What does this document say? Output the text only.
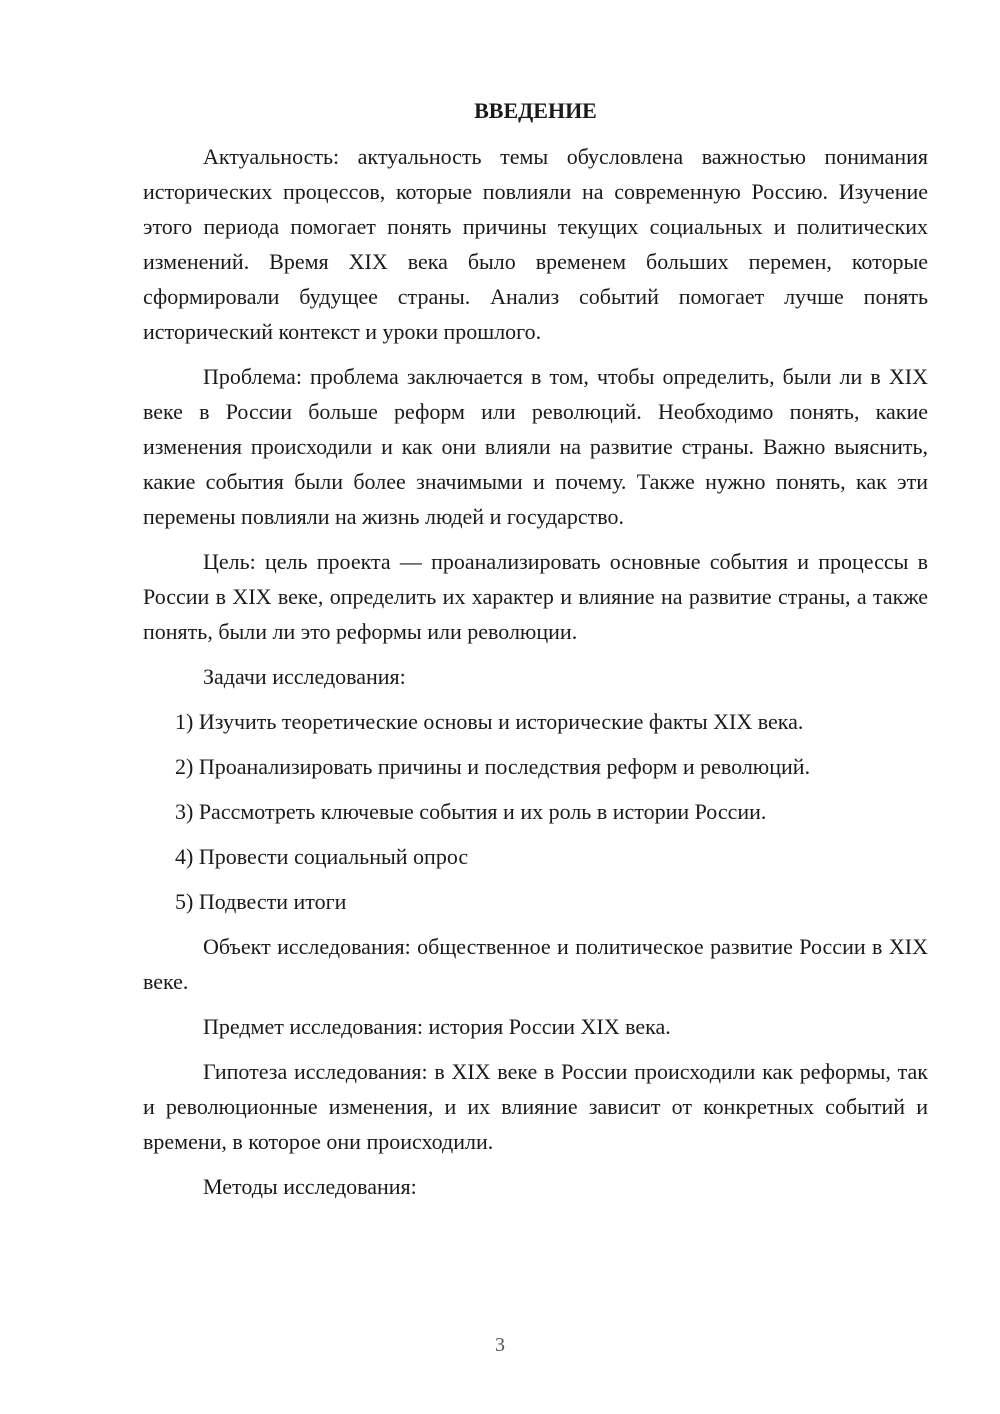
ВВЕДЕНИЕ

Актуальность: актуальность темы обусловлена важностью понимания исторических процессов, которые повлияли на современную Россию. Изучение этого периода помогает понять причины текущих социальных и политических изменений. Время XIX века было временем больших перемен, которые сформировали будущее страны. Анализ событий помогает лучше понять исторический контекст и уроки прошлого.

Проблема: проблема заключается в том, чтобы определить, были ли в XIX веке в России больше реформ или революций. Необходимо понять, какие изменения происходили и как они влияли на развитие страны. Важно выяснить, какие события были более значимыми и почему. Также нужно понять, как эти перемены повлияли на жизнь людей и государство.

Цель: цель проекта — проанализировать основные события и процессы в России в XIX веке, определить их характер и влияние на развитие страны, а также понять, были ли это реформы или революции.

Задачи исследования:

1) Изучить теоретические основы и исторические факты XIX века.
2) Проанализировать причины и последствия реформ и революций.
3) Рассмотреть ключевые события и их роль в истории России.
4) Провести социальный опрос
5) Подвести итоги

Объект исследования: общественное и политическое развитие России в XIX веке.

Предмет исследования: история России XIX века.

Гипотеза исследования: в XIX веке в России происходили как реформы, так и революционные изменения, и их влияние зависит от конкретных событий и времени, в которое они происходили.

Методы исследования:

3
